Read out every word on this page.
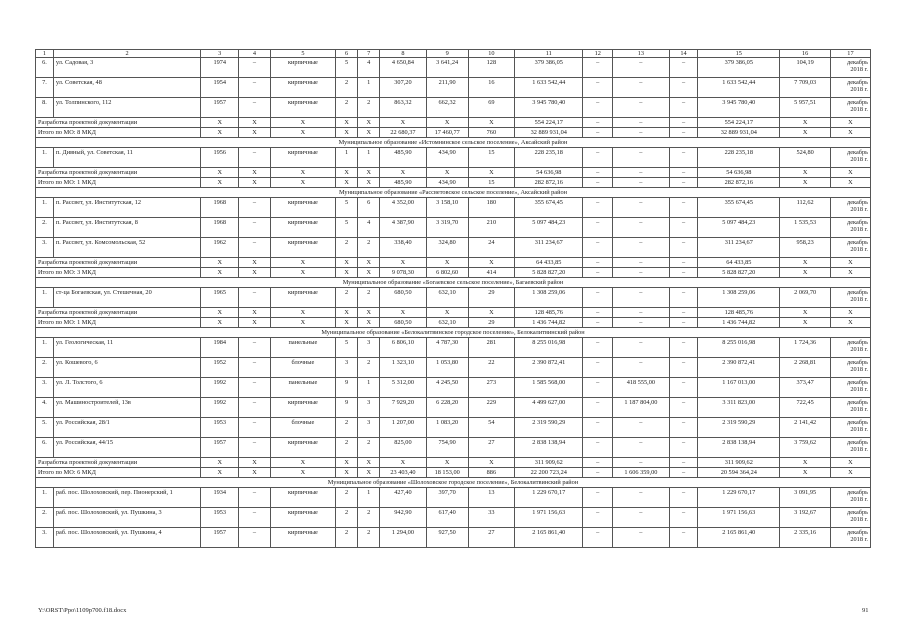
1	2	3	4	5	6	7	8	9	10	11	12	13	14	15	16	17
6.	ул. Садовая, 3	1974	–	кирпичные	5	4	4 650,84	3 641,24	128	379 386,05	–	–	–	379 386,05	104,19	декабрь 2018 г.
7.	ул. Советская, 48	1954	–	кирпичные	2	1	307,20	211,90	16	1 633 542,44	–	–	–	1 633 542,44	7 709,03	декабрь 2018 г.
8.	ул. Толпинского, 112	1957	–	кирпичные	2	2	863,32	662,32	69	3 945 780,40	–	–	–	3 945 780,40	5 957,51	декабрь 2018 г.
Разработка проектной документации		X	X	X	X	X	X	X	X	554 224,17	–	–	–	554 224,17	X	X
Итого по МО: 8 МКД		X	X	X	X	X	22 680,37	17 460,77	760	32 889 931,04	–	–	–	32 889 931,04	X	X
Муниципальное образование «Истомнинское сельское поселение», Аксайский район																
1.	п. Дивный, ул. Советская, 11	1956	–	кирпичные	1	1	485,90	434,90	15	228 235,18	–	–	–	228 235,18	524,80	декабрь 2018 г.
Разработка проектной документации		X	X	X	X	X	X	X	X	54 636,98	–	–	–	54 636,98	X	X
Итого по МО: 1 МКД		X	X	X	X	X	485,90	434,90	15	282 872,16	–	–	–	282 872,16	X	X
Муниципальное образование «Рассветовское сельское поселение», Аксайский район																
1.	п. Рассвет, ул. Институтская, 12	1968	–	кирпичные	5	6	4 352,00	3 158,10	180	355 674,45	–	–	–	355 674,45	112,62	декабрь 2018 г.
2.	п. Рассвет, ул. Институтская, 8	1968	–	кирпичные	5	4	4 387,90	3 319,70	210	5 097 484,23	–	–	–	5 097 484,23	1 535,53	декабрь 2018 г.
3.	п. Рассвет, ул. Комсомольская, 52	1962	–	кирпичные	2	2	338,40	324,80	24	311 234,67	–	–	–	311 234,67	958,23	декабрь 2018 г.
Разработка проектной документации		X	X	X	X	X	X	X	X	64 433,85	–	–	–	64 433,85	X	X
Итого по МО: 3 МКД		X	X	X	X	X	9 078,30	6 802,60	414	5 828 827,20	–	–	–	5 828 827,20	X	X
Муниципальное образование «Богаевское сельское поселение», Багаевский район																
1.	ст-ца Богаевская, ул. Стешечная, 20	1965	–	кирпичные	2	2	680,50	632,10	29	1 308 259,06	–	–	–	1 308 259,06	2 069,70	декабрь 2018 г.
Разработка проектной документации		X	X	X	X	X	X	X	X	128 485,76	–	–	–	128 485,76	X	X
Итого по МО: 1 МКД		X	X	X	X	X	680,50	632,10	29	1 436 744,82	–	–	–	1 436 744,82	X	X
Муниципальное образование «Белокалитвинское городское поселение», Белокалитвинский район																
1.	ул. Геологическая, 11	1984	–	панельные	5	3	6 806,10	4 787,30	281	8 255 016,98	–	–	–	8 255 016,98	1 724,36	декабрь 2018 г.
2.	ул. Кошевого, 6	1952	–	блочные	3	2	1 323,10	1 053,80	22	2 390 872,41	–	–	–	2 390 872,41	2 268,81	декабрь 2018 г.
3.	ул. Л. Толстого, 6	1992	–	панельные	9	1	5 312,00	4 245,50	273	1 585 568,00	–	418 555,00	–	1 167 013,00	373,47	декабрь 2018 г.
4.	ул. Машиностроителей, 13в	1992	–	кирпичные	9	3	7 929,20	6 228,20	229	4 499 627,00	–	1 187 804,00	–	3 311 823,00	722,45	декабрь 2018 г.
5.	ул. Российская, 28/1	1953	–	блочные	2	3	1 207,00	1 083,20	54	2 319 590,29	–	–	–	2 319 590,29	2 141,42	декабрь 2018 г.
6.	ул. Российская, 44/15	1957	–	кирпичные	2	2	825,00	754,90	27	2 838 138,94	–	–	–	2 838 138,94	3 759,62	декабрь 2018 г.
Разработка проектной документации		X	X	X	X	X	X	X	X	311 909,62	–	–	–	311 909,62	X	X
Итого по МО: 6 МКД		X	X	X	X	X	23 403,40	18 153,00	886	22 200 723,24	–	1 606 359,00	–	20 594 364,24	X	X
Муниципальное образование «Шолоховское городское поселение», Белокалитвинский район																
1.	раб. пос. Шолоховский, пер. Пионерский, 1	1934	–	кирпичные	2	1	427,40	397,70	13	1 229 670,17	–	–	–	1 229 670,17	3 091,95	декабрь 2018 г.
2.	раб. пос. Шолоховский, ул. Пушкина, 3	1953	–	кирпичные	2	2	942,90	617,40	33	1 971 156,63	–	–	–	1 971 156,63	3 192,67	декабрь 2018 г.
3.	раб. пос. Шолоховский, ул. Пушкина, 4	1957	–	кирпичные	2	2	1 294,00	927,50	27	2 165 861,40	–	–	–	2 165 861,40	2 335,16	декабрь 2018 г.
Y:\ORST\Ppo\1109p700.f18.docx	91
